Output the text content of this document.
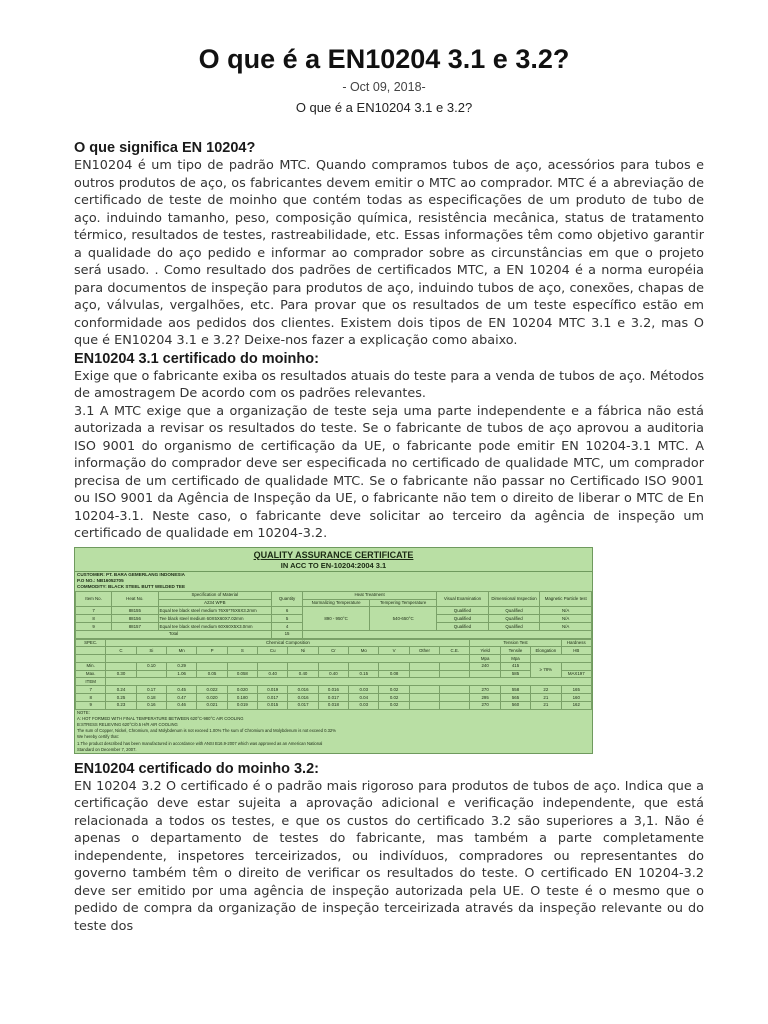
O que é a EN10204 3.1 e 3.2?
- Oct 09, 2018-
O que é a EN10204 3.1 e 3.2?

O que significa EN 10204?

EN10204 é um tipo de padrão MTC. Quando compramos tubos de aço, acessórios para tubos e outros produtos de aço, os fabricantes devem emitir o MTC ao comprador. MTC é a abreviação de certificado de teste de moinho que contém todas as especificações de um produto de tubo de aço. induindo tamanho, peso, composição química, resistência mecânica, status de tratamento térmico, resultados de testes, rastreabilidade, etc. Essas informações têm como objetivo garantir a qualidade do aço pedido e informar ao comprador sobre as circunstâncias em que o projeto será usado. . Como resultado dos padrões de certificados MTC, a EN 10204 é a norma européia para documentos de inspeção para produtos de aço, induindo tubos de aço, conexões, chapas de aço, válvulas, vergalhões, etc. Para provar que os resultados de um teste específico estão em conformidade aos pedidos dos clientes. Existem dois tipos de EN 10204 MTC 3.1 e 3.2, mas O que é EN10204 3.1 e 3.2? Deixe-nos fazer a explicação como abaixo.

EN10204 3.1 certificado do moinho:

Exige que o fabricante exiba os resultados atuais do teste para a venda de tubos de aço. Métodos de amostragem De acordo com os padrões relevantes.

3.1 A MTC exige que a organização de teste seja uma parte independente e a fábrica não está autorizada a revisar os resultados do teste. Se o fabricante de tubos de aço aprovou a auditoria ISO 9001 do organismo de certificação da UE, o fabricante pode emitir EN 10204-3.1 MTC. A informação do comprador deve ser especificada no certificado de qualidade MTC, um comprador precisa de um certificado de qualidade MTC. Se o fabricante não passar no Certificado ISO 9001 ou ISO 9001 da Agência de Inspeção da UE, o fabricante não tem o direito de liberar o MTC de En 10204-3.1. Neste caso, o fabricante deve solicitar ao terceiro da agência de inspeção um certificado de qualidade em 10204-3.2.

QUALITY ASSURANCE CERTIFICATE
IN ACC TO EN-10204:2004 3.1
CUSTOMER: PT. BARA GEMERLANG INDONESIA
P.O NO.: NB16052705
COMMODITY: BLACK STEEL BUTT WELDED TEE
Item No.	Heat No.	Specification of Material	Quantity	Heat Treatment		Visual Examination	Dimensional Inspection	Magnetic Particle test
		A234 WPB		Normalizing Temperature	Tempering Temperature			
7	88155	Equal tee black steel medium 76X6*76X6X3.2mm	6	890 - 950°C	540-650°C	Qualified	Qualified	N/A
8	88156	Tee black steel medium 60X5X60X7.02mm	5			Qualified	Qualified	N/A
9	88157	Equal tee black steel medium 60X60X5X3.0mm	4			Qualified	Qualified	N/A
Total			15					
SPEC.	Chemical Composition												Tension Test			Hardness
	C	Si	Mn	P	S	Cu	Ni	Cr	Mo	V	Other	C.E.	Yield	Tensile	Elongation	HB
													Mpa	Mpa		
Min.		0.10	0.29										240	415	≥ 78%	
Max.	0.30		1.06	0.05	0.058	0.40	0.40	0.40	0.15	0.08				585		MAX197
ITEM																
7	0.24	0.17	0.45	0.022	0.020	0.019	0.016	0.016	0.03	0.02			270	558	22	165
8	0.25	0.18	0.47	0.020	0.180	0.017	0.016	0.017	0.04	0.02			295	565	21	160
9	0.23	0.16	0.46	0.021	0.019	0.015	0.017	0.018	0.03	0.02			270	560	21	162
NOTE:
A: HOT FORMED WITH FINAL TEMPERATURE BETWEEN 620°C-980°C AIR COOLING
B:STRESS RELIEVING 620°C/0.5 H/R AIR COOLING
The sum of Copper, Nickel, Chromium, and Molybdenum is not exceed 1.00% The sum of Chromium and Molybdenum is not exceed 0.32%
We hereby certify that:
1.The product described has been manufactured in accordance with ANSI B16.9-2007 which was approved as an American National
Standard on December 7, 2007.

EN10204 certificado do moinho 3.2:

EN 10204 3.2 O certificado é o padrão mais rigoroso para produtos de tubos de aço. Indica que a certificação deve estar sujeita a aprovação adicional e verificação independente, que está relacionada a todos os testes, e que os custos do certificado 3.2 são superiores a 3,1. Não é apenas o departamento de testes do fabricante, mas também a parte completamente independente, inspetores terceirizados, ou indivíduos, compradores ou representantes do governo também têm o direito de verificar os resultados do teste. O certificado EN 10204-3.2 deve ser emitido por uma agência de inspeção autorizada pela UE. O teste é o mesmo que o pedido de compra da organização de inspeção terceirizada através da inspeção relevante ou do teste dos
